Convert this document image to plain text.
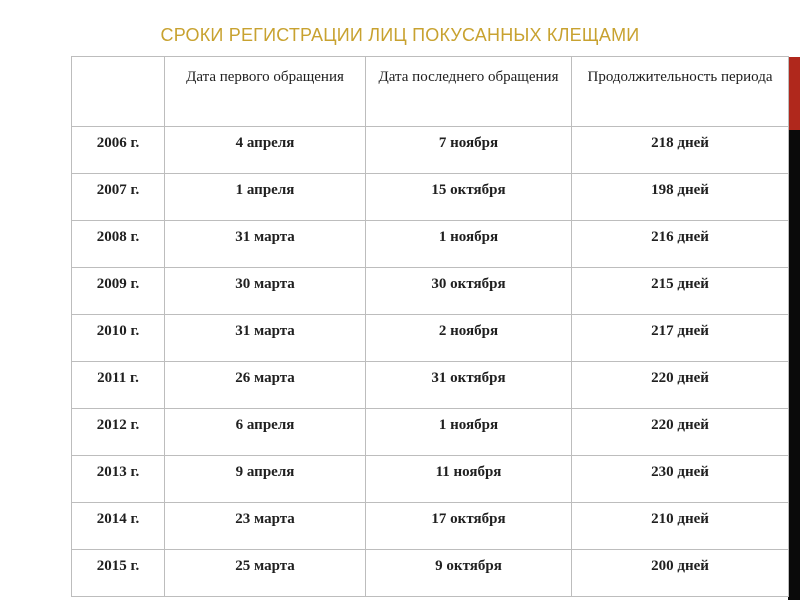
СРОКИ РЕГИСТРАЦИИ ЛИЦ ПОКУСАННЫХ КЛЕЩАМИ
	Дата первого обращения	Дата последнего обращения	Продолжительность периода
2006 г.	4 апреля	7 ноября	218 дней
2007 г.	1 апреля	15 октября	198 дней
2008 г.	31 марта	1 ноября	216 дней
2009 г.	30 марта	30 октября	215 дней
2010 г.	31 марта	2 ноября	217 дней
2011 г.	26 марта	31 октября	220 дней
2012 г.	6 апреля	1 ноября	220 дней
2013 г.	9 апреля	11 ноября	230 дней
2014 г.	23 марта	17 октября	210 дней
2015 г.	25 марта	9 октября	200 дней
